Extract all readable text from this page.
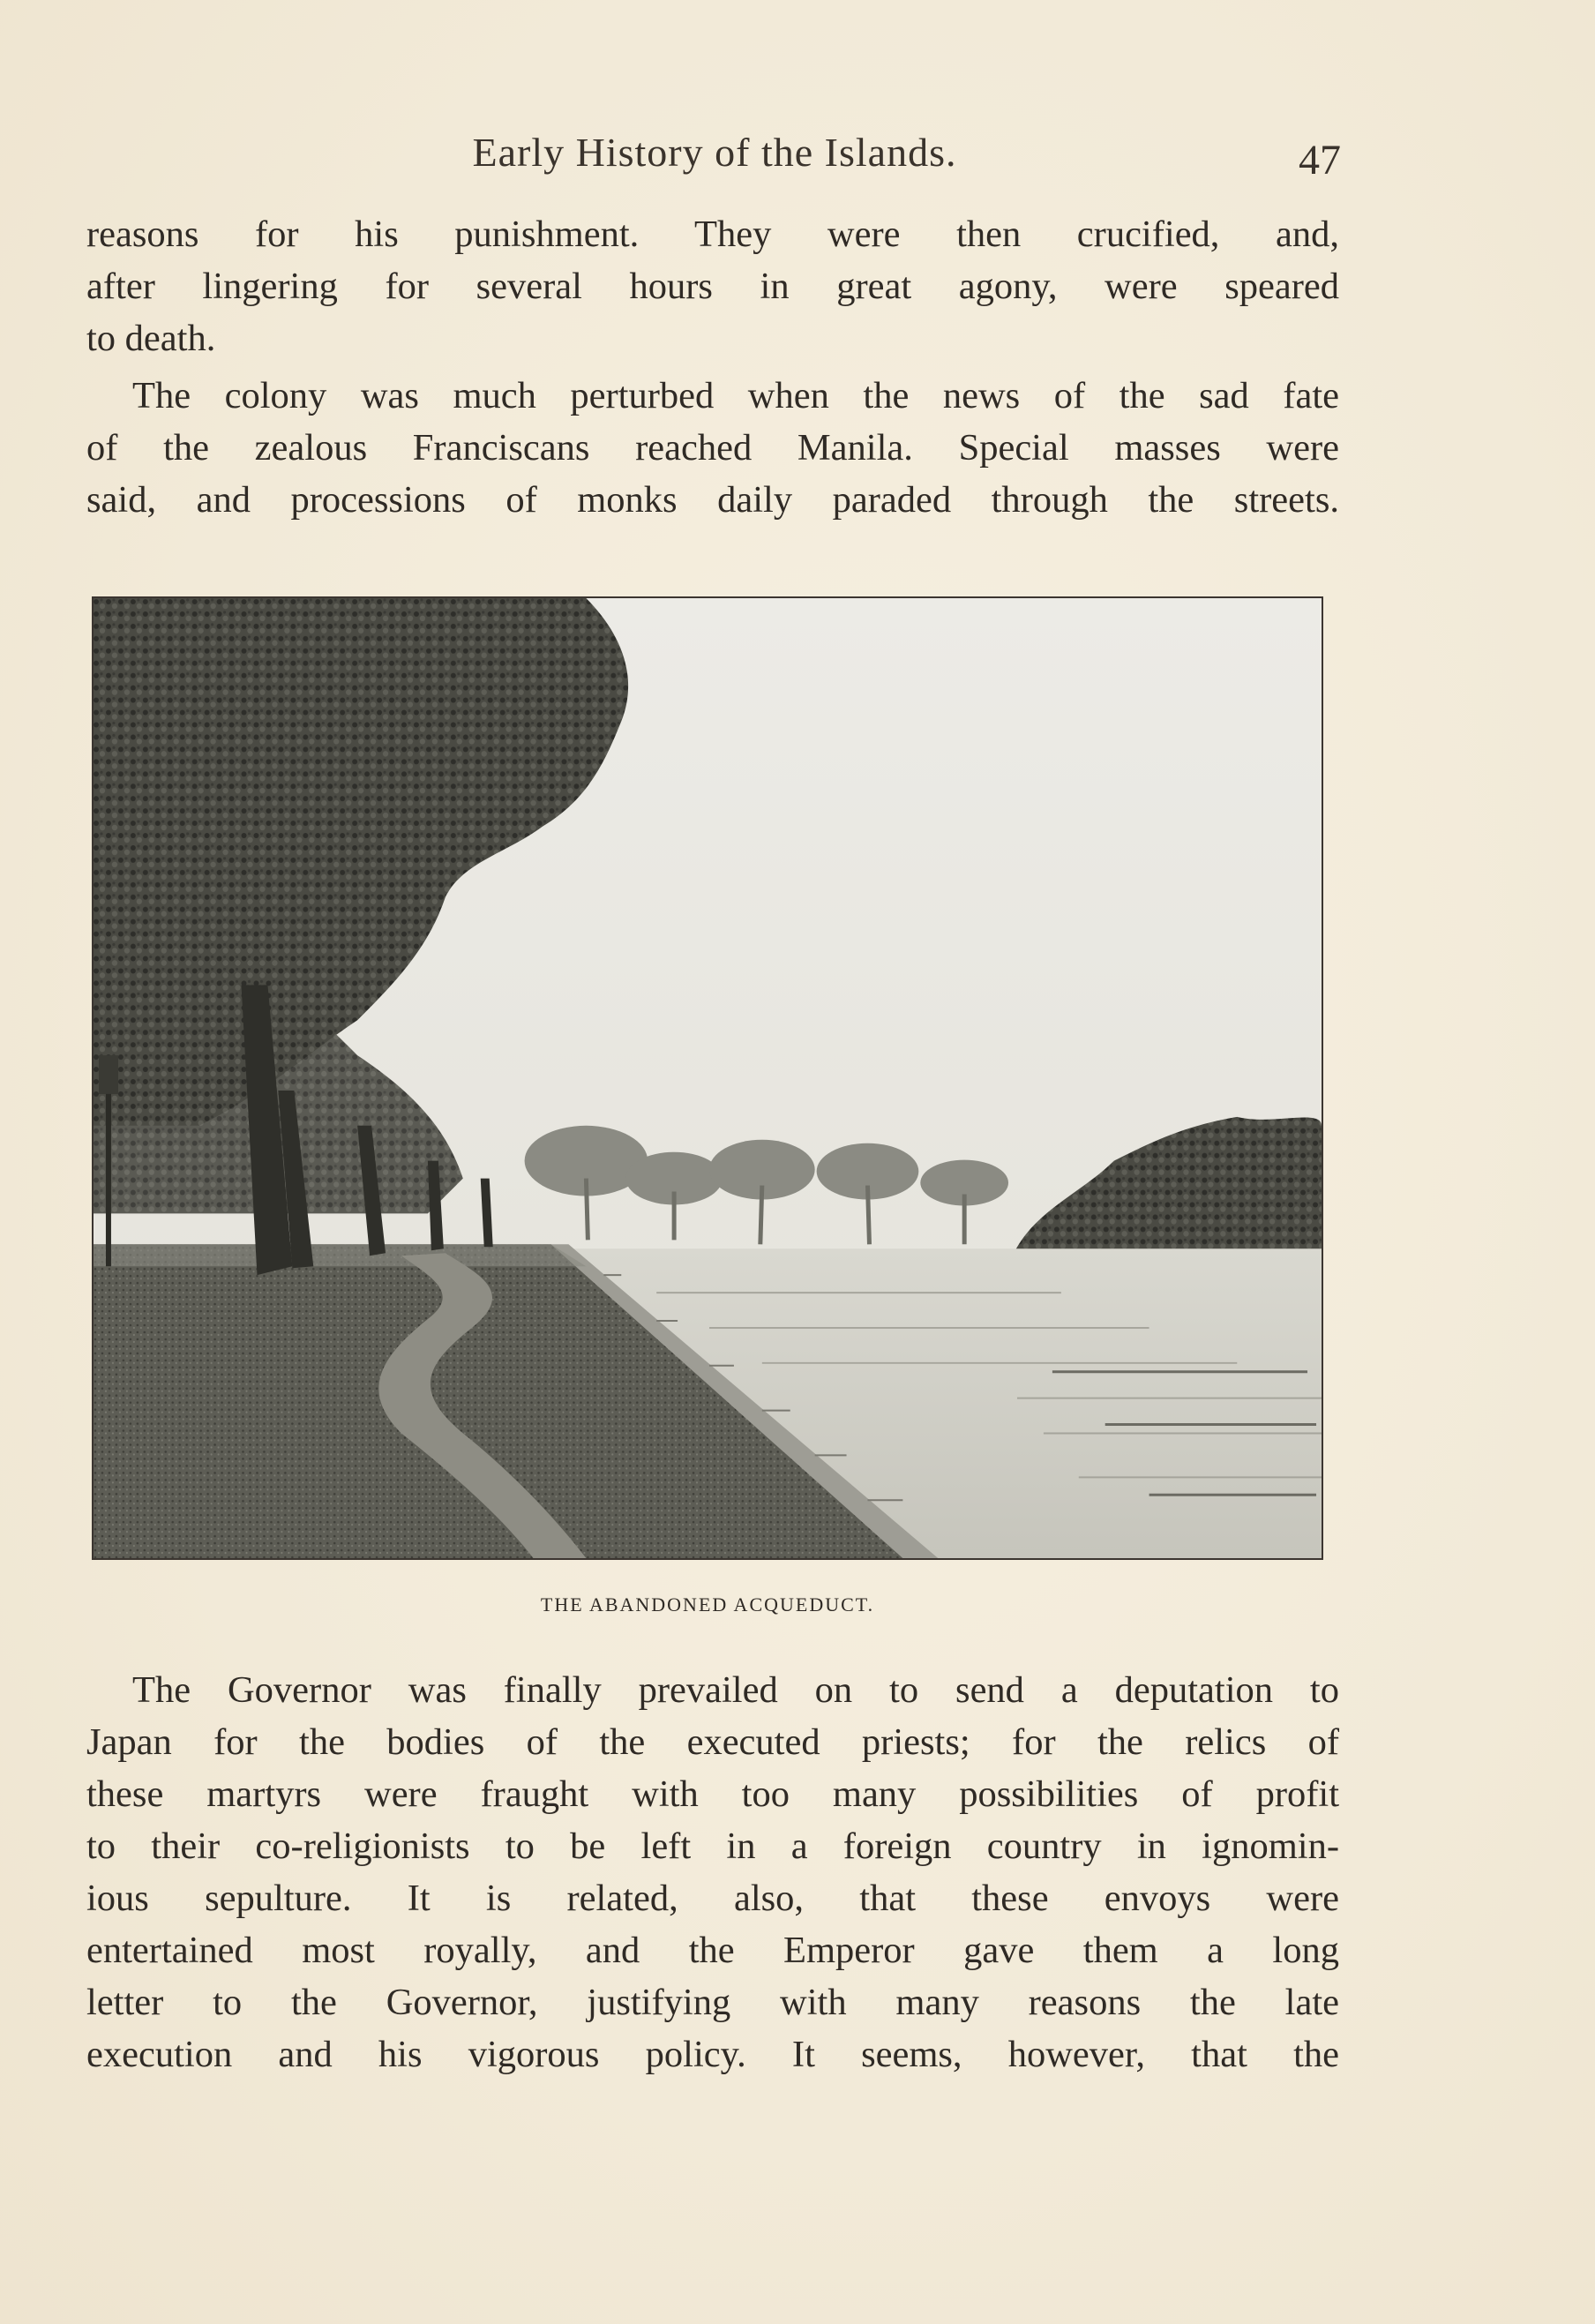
Early History of the Islands.	47
reasons for his punishment. They were then crucified, and,
after lingering for several hours in great agony, were speared
to death.
The colony was much perturbed when the news of the sad fate
of the zealous Franciscans reached Manila. Special masses were
said, and processions of monks daily paraded through the streets.
THE ABANDONED ACQUEDUCT.
The Governor was finally prevailed on to send a deputation to
Japan for the bodies of the executed priests; for the relics of
these martyrs were fraught with too many possibilities of profit
to their co-religionists to be left in a foreign country in ignomin-
ious sepulture. It is related, also, that these envoys were
entertained most royally, and the Emperor gave them a long
letter to the Governor, justifying with many reasons the late
execution and his vigorous policy. It seems, however, that the
